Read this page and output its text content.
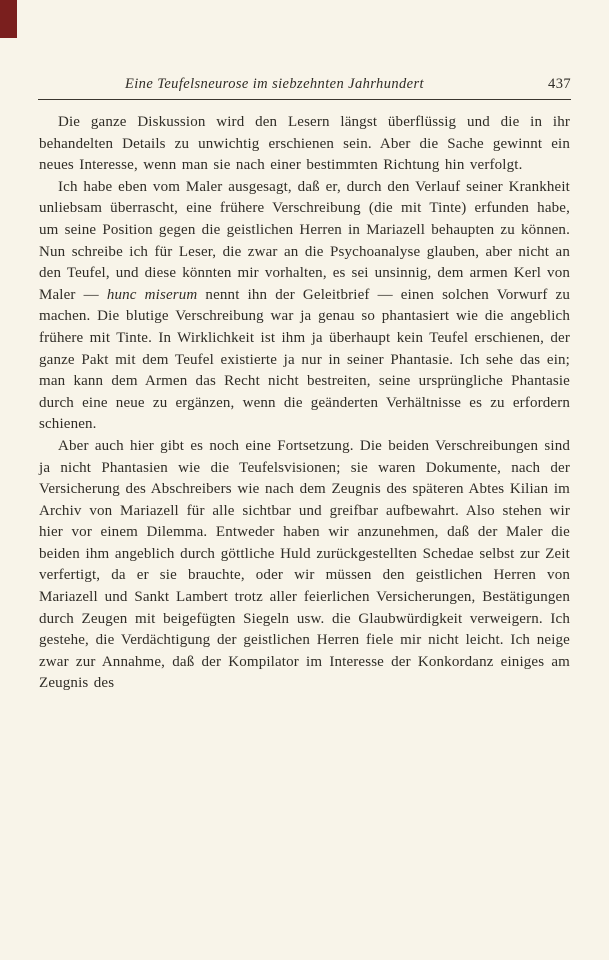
Eine Teufelsneurose im siebzehnten Jahrhundert	437

Die ganze Diskussion wird den Lesern längst überflüssig und die in ihr behandelten Details zu unwichtig erschienen sein. Aber die Sache gewinnt ein neues Interesse, wenn man sie nach einer bestimmten Richtung hin verfolgt.

Ich habe eben vom Maler ausgesagt, daß er, durch den Verlauf seiner Krankheit unliebsam überrascht, eine frühere Verschreibung (die mit Tinte) erfunden habe, um seine Position gegen die geistlichen Herren in Mariazell behaupten zu können. Nun schreibe ich für Leser, die zwar an die Psychoanalyse glauben, aber nicht an den Teufel, und diese könnten mir vorhalten, es sei unsinnig, dem armen Kerl von Maler — hunc miserum nennt ihn der Geleitbrief — einen solchen Vorwurf zu machen. Die blutige Verschreibung war ja genau so phantasiert wie die angeblich frühere mit Tinte. In Wirklichkeit ist ihm ja überhaupt kein Teufel erschienen, der ganze Pakt mit dem Teufel existierte ja nur in seiner Phantasie. Ich sehe das ein; man kann dem Armen das Recht nicht bestreiten, seine ursprüngliche Phantasie durch eine neue zu ergänzen, wenn die geänderten Verhältnisse es zu erfordern schienen.

Aber auch hier gibt es noch eine Fortsetzung. Die beiden Verschreibungen sind ja nicht Phantasien wie die Teufelsvisionen; sie waren Dokumente, nach der Versicherung des Abschreibers wie nach dem Zeugnis des späteren Abtes Kilian im Archiv von Mariazell für alle sichtbar und greifbar aufbewahrt. Also stehen wir hier vor einem Dilemma. Entweder haben wir anzunehmen, daß der Maler die beiden ihm angeblich durch göttliche Huld zurückgestellten Schedae selbst zur Zeit verfertigt, da er sie brauchte, oder wir müssen den geistlichen Herren von Mariazell und Sankt Lambert trotz aller feierlichen Versicherungen, Bestätigungen durch Zeugen mit beigefügten Siegeln usw. die Glaubwürdigkeit verweigern. Ich gestehe, die Verdächtigung der geistlichen Herren fiele mir nicht leicht. Ich neige zwar zur Annahme, daß der Kompilator im Interesse der Konkordanz einiges am Zeugnis des
